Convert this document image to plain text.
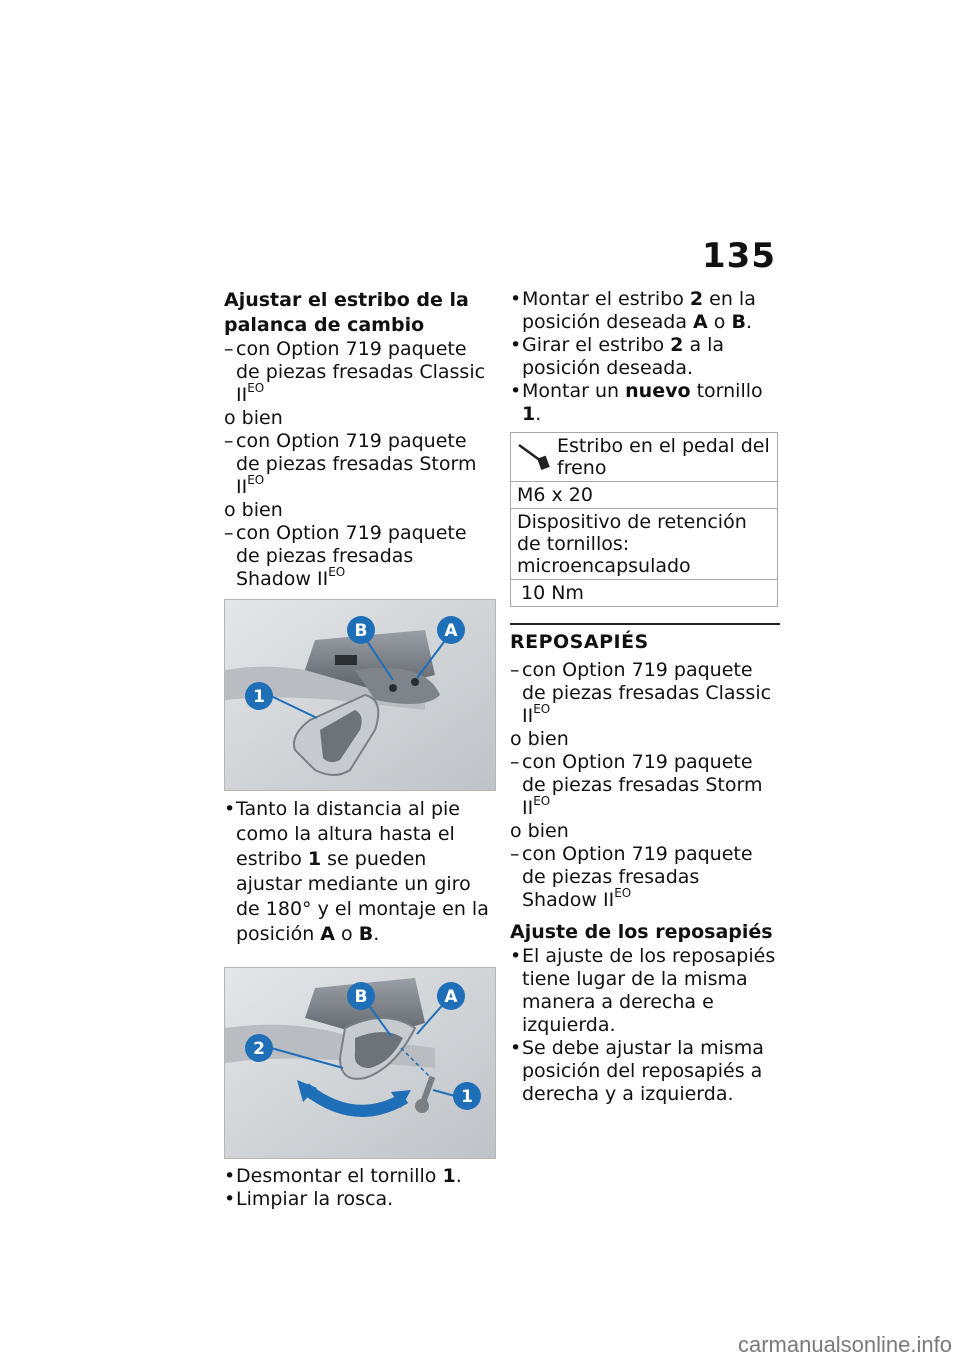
135
Ajustar el estribo de la
palanca de cambio
– con Option 719 paquete de piezas fresadas Classic $II^{EO}$
o bien
– con Option 719 paquete de piezas fresadas Storm $II^{EO}$
o bien
– con Option 719 paquete de piezas fresadas Shadow $II^{EO}$
1
B	A
• Tanto la distancia al pie como la altura hasta el estribo 1 se pueden ajustar mediante un giro de 180° y el montaje en la posición A o B.
2
B	A
1
• Desmontar el tornillo 1.
• Limpiar la rosca.
• Montar el estribo 2 en la posición deseada A o B.
• Girar el estribo 2 a la posición deseada.
• Montar un nuevo tornillo 1.
Estribo en el pedal del freno
M6 x 20
Dispositivo de retención de tornillos: microencapsulado
10 Nm
REPOSAPIÉS
– con Option 719 paquete de piezas fresadas Classic $II^{EO}$
o bien
– con Option 719 paquete de piezas fresadas Storm $II^{EO}$
o bien
– con Option 719 paquete de piezas fresadas Shadow $II^{EO}$
Ajuste de los reposapiés
• El ajuste de los reposapiés tiene lugar de la misma manera a derecha e izquierda.
• Se debe ajustar la misma posición del reposapiés a derecha y a izquierda.
carmanualsonline.info
